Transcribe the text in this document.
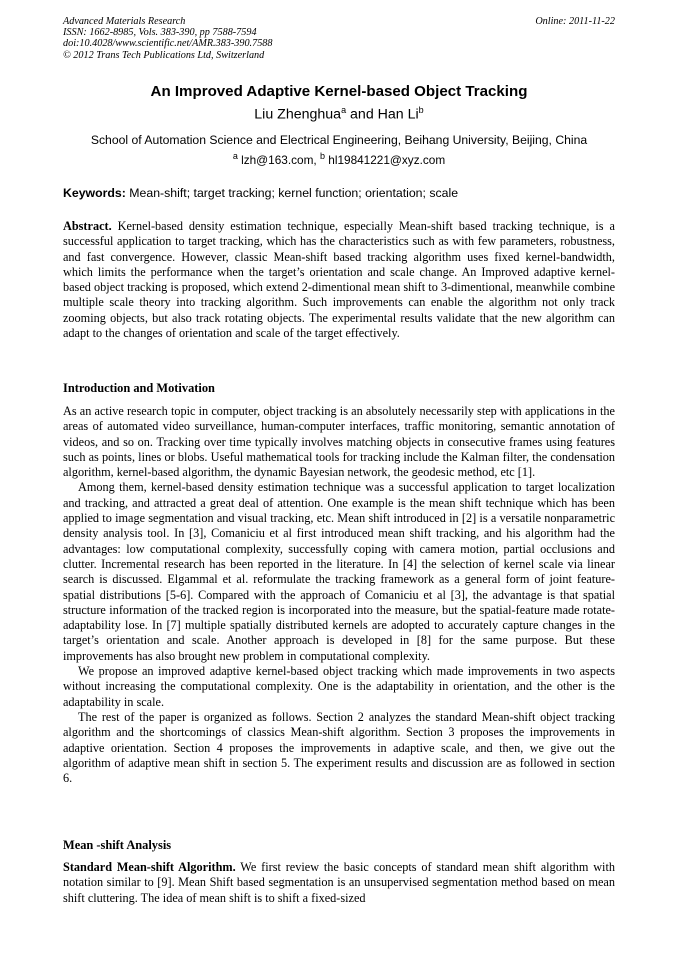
Advanced Materials Research
ISSN: 1662-8985, Vols. 383-390, pp 7588-7594
doi:10.4028/www.scientific.net/AMR.383-390.7588
© 2012 Trans Tech Publications Ltd, Switzerland
Online: 2011-11-22
An Improved Adaptive Kernel-based Object Tracking
Liu Zhenghua$^a$ and Han Li$^b$
School of Automation Science and Electrical Engineering, Beihang University, Beijing, China
$^a$ lzh@163.com, $^b$ hl19841221@xyz.com
Keywords: Mean-shift; target tracking; kernel function; orientation; scale

Abstract. Kernel-based density estimation technique, especially Mean-shift based tracking technique, is a successful application to target tracking, which has the characteristics such as with few parameters, robustness, and fast convergence. However, classic Mean-shift based tracking algorithm uses fixed kernel-bandwidth, which limits the performance when the target’s orientation and scale change. An Improved adaptive kernel-based object tracking is proposed, which extend 2-dimentional mean shift to 3-dimentional, meanwhile combine multiple scale theory into tracking algorithm. Such improvements can enable the algorithm not only track zooming objects, but also track rotating objects. The experimental results validate that the new algorithm can adapt to the changes of orientation and scale of the target effectively.

Introduction and Motivation

As an active research topic in computer, object tracking is an absolutely necessarily step with applications in the areas of automated video surveillance, human-computer interfaces, traffic monitoring, semantic annotation of videos, and so on. Tracking over time typically involves matching objects in consecutive frames using features such as points, lines or blobs. Useful mathematical tools for tracking include the Kalman filter, the condensation algorithm, kernel-based algorithm, the dynamic Bayesian network, the geodesic method, etc [1].

Among them, kernel-based density estimation technique was a successful application to target localization and tracking, and attracted a great deal of attention. One example is the mean shift technique which has been applied to image segmentation and visual tracking, etc. Mean shift introduced in [2] is a versatile nonparametric density analysis tool. In [3], Comaniciu et al first introduced mean shift tracking, and his algorithm had the advantages: low computational complexity, successfully coping with camera motion, partial occlusions and clutter. Incremental research has been reported in the literature. In [4] the selection of kernel scale via linear search is discussed. Elgammal et al. reformulate the tracking framework as a general form of joint feature-spatial distributions [5-6]. Compared with the approach of Comaniciu et al [3], the advantage is that spatial structure information of the tracked region is incorporated into the measure, but the spatial-feature made rotate-adaptability lose. In [7] multiple spatially distributed kernels are adopted to accurately capture changes in the target’s orientation and scale. Another approach is developed in [8] for the same purpose. But these improvements has also brought new problem in computational complexity.

We propose an improved adaptive kernel-based object tracking which made improvements in two aspects without increasing the computational complexity. One is the adaptability in orientation, and the other is the adaptability in scale.

The rest of the paper is organized as follows. Section 2 analyzes the standard Mean-shift object tracking algorithm and the shortcomings of classics Mean-shift algorithm. Section 3 proposes the improvements in adaptive orientation. Section 4 proposes the improvements in adaptive scale, and then, we give out the algorithm of adaptive mean shift in section 5. The experiment results and discussion are as followed in section 6.

Mean -shift Analysis

Standard Mean-shift Algorithm. We first review the basic concepts of standard mean shift algorithm with notation similar to [9]. Mean Shift based segmentation is an unsupervised segmentation method based on mean shift cluttering. The idea of mean shift is to shift a fixed-sized
